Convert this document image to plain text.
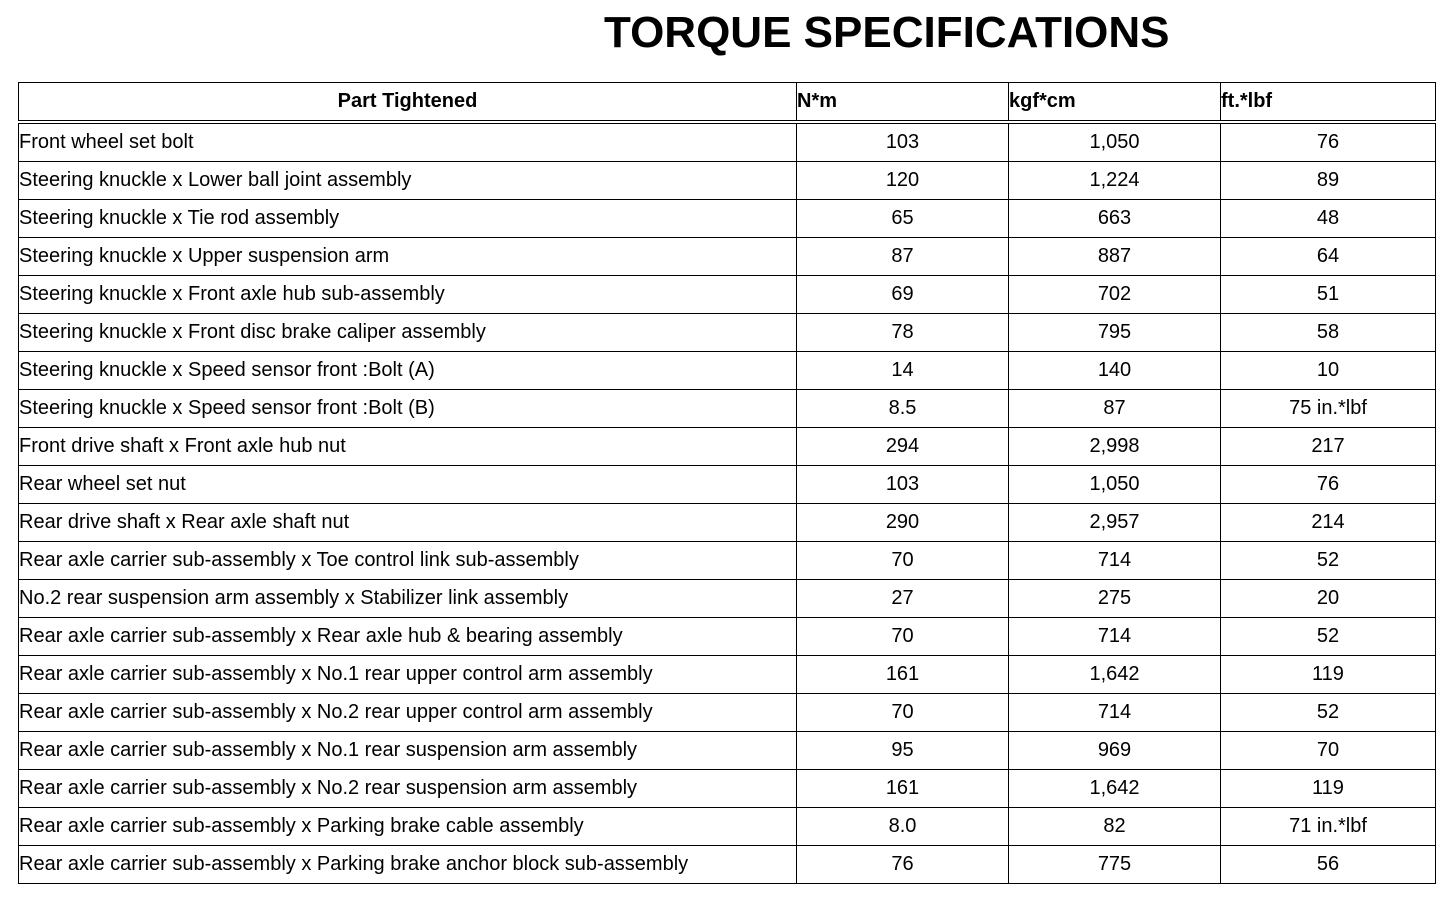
TORQUE SPECIFICATIONS
Part Tightened	N*m	kgf*cm	ft.*lbf
Front wheel set bolt	103	1,050	76
Steering knuckle x Lower ball joint assembly	120	1,224	89
Steering knuckle x Tie rod assembly	65	663	48
Steering knuckle x Upper suspension arm	87	887	64
Steering knuckle x Front axle hub sub-assembly	69	702	51
Steering knuckle x Front disc brake caliper assembly	78	795	58
Steering knuckle x Speed sensor front :Bolt (A)	14	140	10
Steering knuckle x Speed sensor front :Bolt (B)	8.5	87	75 in.*lbf
Front drive shaft x Front axle hub nut	294	2,998	217
Rear wheel set nut	103	1,050	76
Rear drive shaft x Rear axle shaft nut	290	2,957	214
Rear axle carrier sub-assembly x Toe control link sub-assembly	70	714	52
No.2 rear suspension arm assembly x Stabilizer link assembly	27	275	20
Rear axle carrier sub-assembly x Rear axle hub & bearing assembly	70	714	52
Rear axle carrier sub-assembly x No.1 rear upper control arm assembly	161	1,642	119
Rear axle carrier sub-assembly x No.2 rear upper control arm assembly	70	714	52
Rear axle carrier sub-assembly x No.1 rear suspension arm assembly	95	969	70
Rear axle carrier sub-assembly x No.2 rear suspension arm assembly	161	1,642	119
Rear axle carrier sub-assembly x Parking brake cable assembly	8.0	82	71 in.*lbf
Rear axle carrier sub-assembly x Parking brake anchor block sub-assembly	76	775	56
